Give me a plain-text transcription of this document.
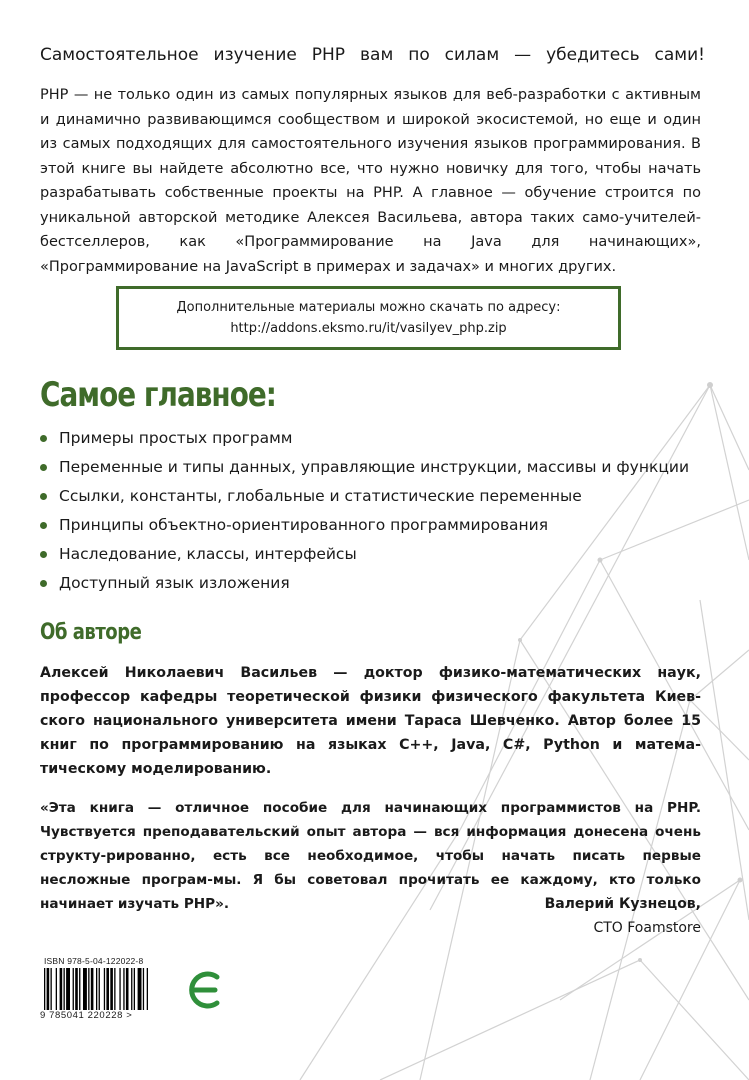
Самостоятельное изучение PHP вам по силам — убедитесь сами!
PHP — не только один из самых популярных языков для веб-разработки с активным и динамично развивающимся сообществом и широкой экосистемой, но еще и один из самых подходящих для самостоятельного изучения языков программирования. В этой книге вы найдете абсолютно все, что нужно новичку для того, чтобы начать разрабатывать собственные проекты на PHP. А главное — обучение строится по уникальной авторской методике Алексея Васильева, автора таких само-учителей-бестселлеров, как «Программирование на Java для начинающих», «Программирование на JavaScript в примерах и задачах» и многих других.
Дополнительные материалы можно скачать по адресу:
http://addons.eksmo.ru/it/vasilyev_php.zip
Самое главное:
Примеры простых программ
Переменные и типы данных, управляющие инструкции, массивы и функции
Ссылки, константы, глобальные и статистические переменные
Принципы объектно-ориентированного программирования
Наследование, классы, интерфейсы
Доступный язык изложения
Об авторе
Алексей Николаевич Васильев — доктор физико-математических наук, профессор кафедры теоретической физики физического факультета Киев-ского национального университета имени Тараса Шевченко. Автор более 15 книг по программированию на языках C++, Java, C#, Python и матема-тическому моделированию.
«Эта книга — отличное пособие для начинающих программистов на PHP. Чувствуется преподавательский опыт автора — вся информация донесена очень структу-рированно, есть все необходимое, чтобы начать писать первые несложные програм-мы. Я бы советовал прочитать ее каждому, кто только начинает изучать PHP».	Валерий Кузнецов,
CTO Foamstore
ISBN 978-5-04-122022-8
9 785041 220228 >
